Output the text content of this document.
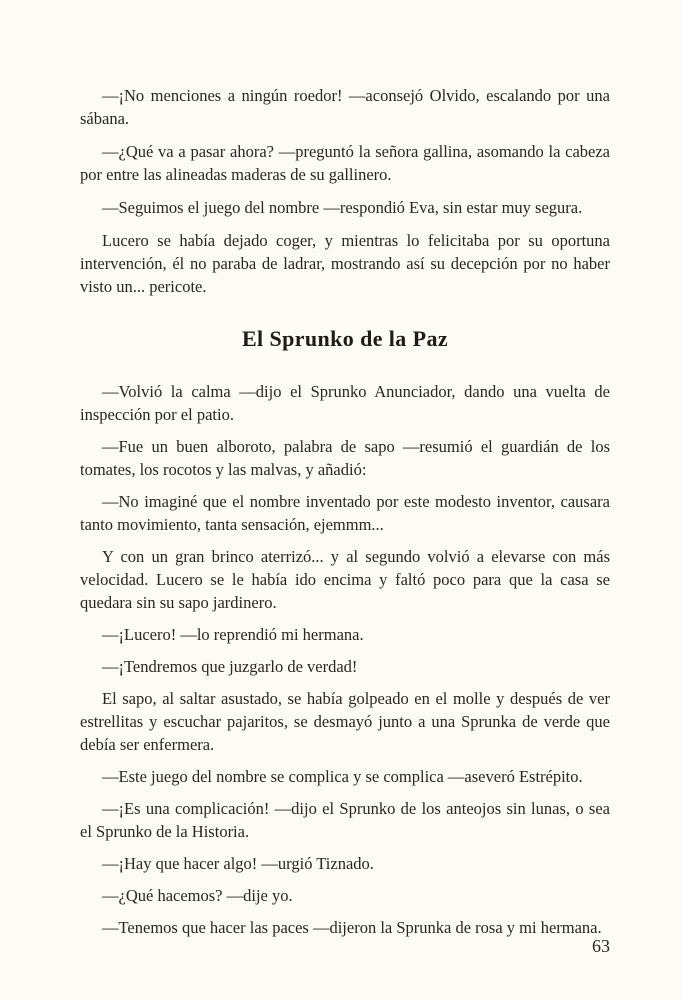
—¡No menciones a ningún roedor! —aconsejó Olvido, escalando por una sábana.

—¿Qué va a pasar ahora? —preguntó la señora gallina, asomando la cabeza por entre las alineadas maderas de su gallinero.

—Seguimos el juego del nombre —respondió Eva, sin estar muy segura.

Lucero se había dejado coger, y mientras lo felicitaba por su oportuna intervención, él no paraba de ladrar, mostrando así su decepción por no haber visto un... pericote.

El Sprunko de la Paz

—Volvió la calma —dijo el Sprunko Anunciador, dando una vuelta de inspección por el patio.

—Fue un buen alboroto, palabra de sapo —resumió el guardián de los tomates, los rocotos y las malvas, y añadió:

—No imaginé que el nombre inventado por este modesto inventor, causara tanto movimiento, tanta sensación, ejemmm...

Y con un gran brinco aterrizó... y al segundo volvió a elevarse con más velocidad. Lucero se le había ido encima y faltó poco para que la casa se quedara sin su sapo jardinero.

—¡Lucero! —lo reprendió mi hermana.

—¡Tendremos que juzgarlo de verdad!

El sapo, al saltar asustado, se había golpeado en el molle y después de ver estrellitas y escuchar pajaritos, se desmayó junto a una Sprunka de verde que debía ser enfermera.

—Este juego del nombre se complica y se complica —aseveró Estrépito.

—¡Es una complicación! —dijo el Sprunko de los anteojos sin lunas, o sea el Sprunko de la Historia.

—¡Hay que hacer algo! —urgió Tiznado.

—¿Qué hacemos? —dije yo.

—Tenemos que hacer las paces —dijeron la Sprunka de rosa y mi hermana.

63
